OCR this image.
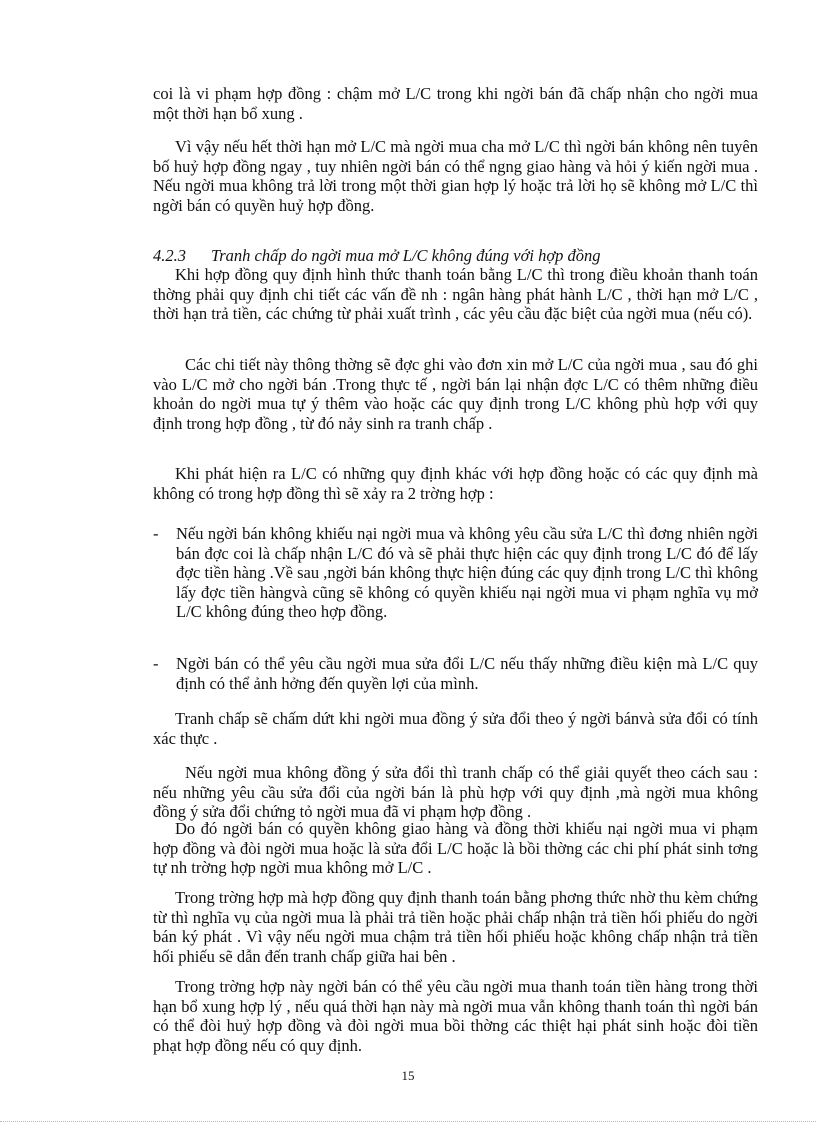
coi là vi phạm hợp đồng : chậm mở L/C trong khi ngời bán đã chấp nhận cho ngời mua một thời hạn bổ xung .

Vì vậy nếu hết thời hạn mở L/C mà ngời mua cha mở L/C thì ngời bán không nên tuyên bố huỷ hợp đồng ngay , tuy nhiên ngời bán có thể ngng giao hàng và hỏi ý kiến ngời mua . Nếu ngời mua không trả lời trong một thời gian hợp lý hoặc trả lời họ sẽ không mở L/C thì ngời bán có quyền huỷ hợp đồng.

4.2.3 Tranh chấp do ngời mua mở L/C không đúng với hợp đồng

Khi hợp đồng quy định hình thức thanh toán bằng L/C thì trong điều khoản thanh toán thờng phải quy định chi tiết các vấn đề nh : ngân hàng phát hành L/C , thời hạn mở L/C , thời hạn trả tiền, các chứng từ phải xuất trình , các yêu cầu đặc biệt của ngời mua (nếu có).

Các chi tiết này thông thờng sẽ đợc ghi vào đơn xin mở L/C của ngời mua , sau đó ghi vào L/C mở cho ngời bán .Trong thực tế , ngời bán lại nhận đợc L/C có thêm những điều khoản do ngời mua tự ý thêm vào hoặc các quy định trong L/C không phù hợp với quy định trong hợp đồng , từ đó nảy sinh ra tranh chấp .

Khi phát hiện ra L/C có những quy định khác với hợp đồng hoặc có các quy định mà không có trong hợp đồng thì sẽ xảy ra 2 trờng hợp :

- Nếu ngời bán không khiếu nại ngời mua và không yêu cầu sửa L/C thì đơng nhiên ngời bán đợc coi là chấp nhận L/C đó và sẽ phải thực hiện các quy định trong L/C đó để lấy đợc tiền hàng .Về sau ,ngời bán không thực hiện đúng các quy định trong L/C thì không lấy đợc tiền hàngvà cũng sẽ không có quyền khiếu nại ngời mua vi phạm nghĩa vụ mở L/C không đúng theo hợp đồng.

- Ngời bán có thể yêu cầu ngời mua sửa đổi L/C nếu thấy những điều kiện mà L/C quy định có thể ảnh hởng đến quyền lợi của mình.

Tranh chấp sẽ chấm dứt khi ngời mua đồng ý sửa đổi theo ý ngời bánvà sửa đổi có tính xác thực .

Nếu ngời mua không đồng ý sửa đổi thì tranh chấp có thể giải quyết theo cách sau : nếu những yêu cầu sửa đổi của ngời bán là phù hợp với quy định ,mà ngời mua không đồng ý sửa đổi chứng tỏ ngời mua đã vi phạm hợp đồng .

Do đó ngời bán có quyền không giao hàng và đồng thời khiếu nại ngời mua vi phạm hợp đồng và đòi ngời mua hoặc là sửa đổi L/C hoặc là bồi thờng các chi phí phát sinh tơng tự nh trờng hợp ngời mua không mở L/C .

Trong trờng hợp mà hợp đồng quy định thanh toán bằng phơng thức nhờ thu kèm chứng từ thì nghĩa vụ của ngời mua là phải trả tiền hoặc phải chấp nhận trả tiền hối phiếu do ngời bán ký phát . Vì vậy nếu ngời mua chậm trả tiền hối phiếu hoặc không chấp nhận trả tiền hối phiếu sẽ dẫn đến tranh chấp giữa hai bên .

Trong trờng hợp này ngời bán có thể yêu cầu ngời mua thanh toán tiền hàng trong thời hạn bổ xung hợp lý , nếu quá thời hạn này mà ngời mua vẫn không thanh toán thì ngời bán có thể đòi huỷ hợp đồng và đòi ngời mua bồi thờng các thiệt hại phát sinh hoặc đòi tiền phạt hợp đồng nếu có quy định.

15
